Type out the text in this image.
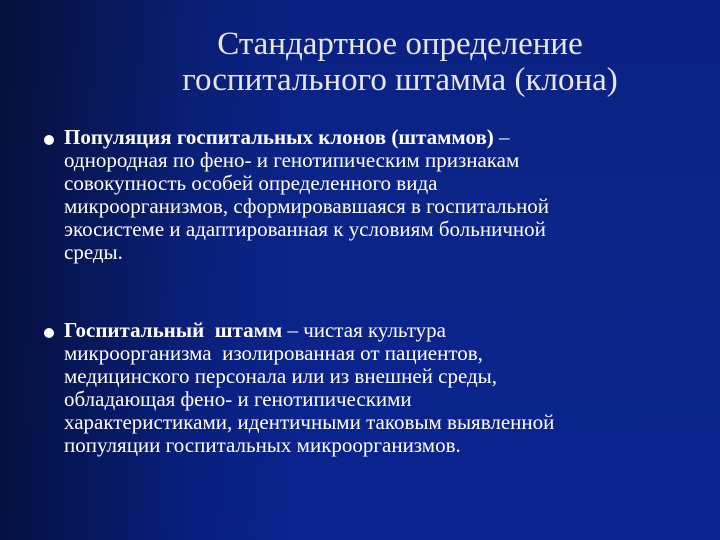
Стандартное определение
госпитального штамма (клона)
Популяция госпитальных клонов (штаммов) –
однородная по фено- и генотипическим признакам
совокупность особей определенного вида
микроорганизмов, сформировавшаяся в госпитальной
экосистеме и адаптированная к условиям больничной
среды.
Госпитальный  штамм – чистая культура
микроорганизма  изолированная от пациентов,
медицинского персонала или из внешней среды,
обладающая фено- и генотипическими
характеристиками, идентичными таковым выявленной
популяции госпитальных микроорганизмов.
